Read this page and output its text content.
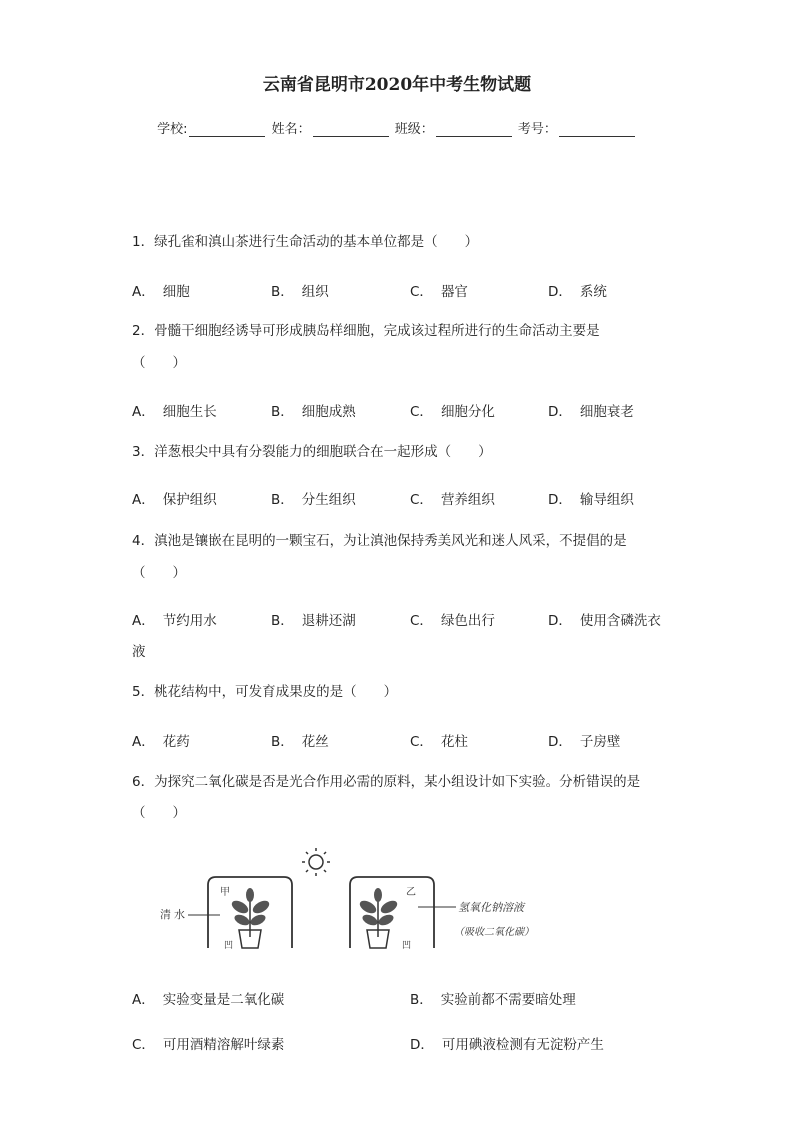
云南省昆明市2020年中考生物试题
学校:	姓名：	班级：	考号：
1．绿孔雀和滇山茶进行生命活动的基本单位都是（　　）
A． 细胞	B． 组织	C． 器官	D． 系统
2．骨髓干细胞经诱导可形成胰岛样细胞，完成该过程所进行的生命活动主要是
（　　）
A． 细胞生长	B． 细胞成熟	C． 细胞分化	D． 细胞衰老
3．洋葱根尖中具有分裂能力的细胞联合在一起形成（　　）
A． 保护组织	B． 分生组织	C． 营养组织	D． 输导组织
4．滇池是镶嵌在昆明的一颗宝石，为让滇池保持秀美风光和迷人风采，不提倡的是
（　　）
A． 节约用水	B． 退耕还湖	C． 绿色出行	D． 使用含磷洗衣
液
5．桃花结构中，可发育成果皮的是（　　）
A． 花药	B． 花丝	C． 花柱	D． 子房壁
6．为探究二氧化碳是否是光合作用必需的原料，某小组设计如下实验。分析错误的是
（　　）
甲
清水
凹
乙
凹
氢氧化钠溶液
（吸收二氧化碳）
A． 实验变量是二氧化碳	B． 实验前都不需要暗处理
C． 可用酒精溶解叶绿素	D． 可用碘液检测有无淀粉产生
